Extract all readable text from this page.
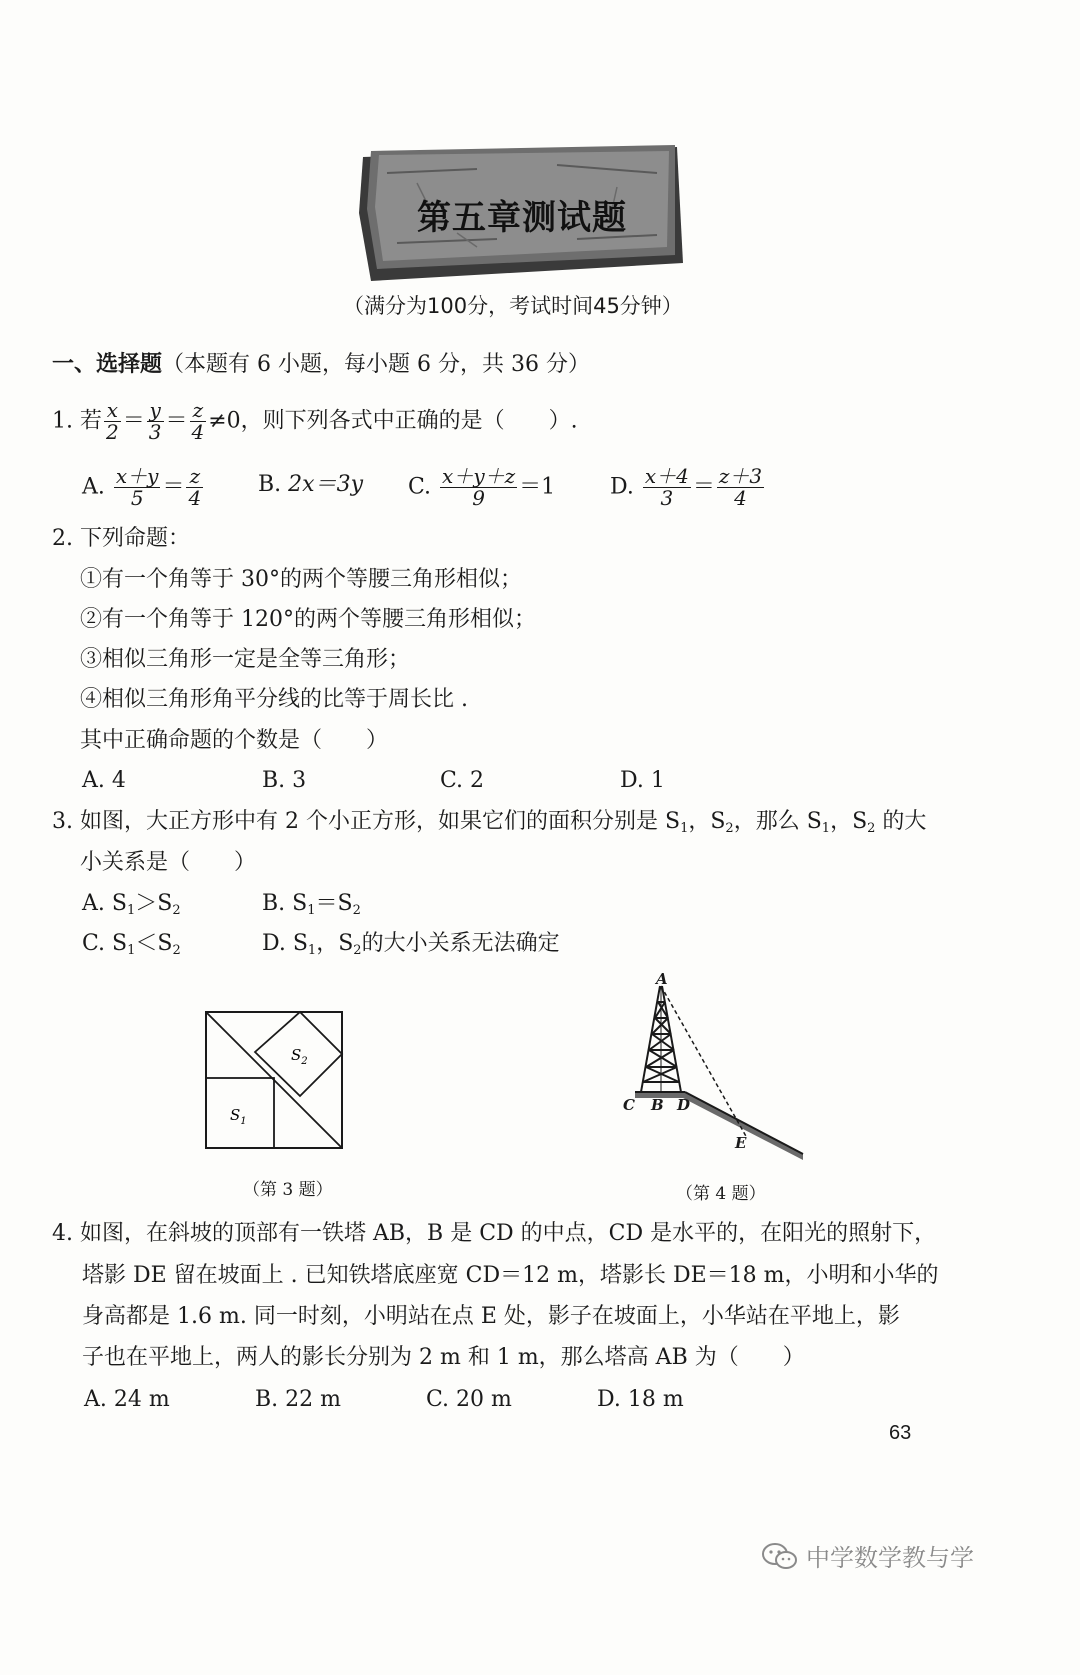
第五章测试题
（满分为100分，考试时间45分钟）
一、选择题（本题有 6 小题，每小题 6 分，共 36 分）
1. 若 $\frac{x}{2} = \frac{y}{3} = \frac{z}{4} \ne 0$，则下列各式中正确的是（　　）.
A. $\frac{x+y}{5} = \frac{z}{4} B$. 2x＝3y C. $\frac{x+y+z}{9} =1$ D. $\frac{x+4}{3} = \frac{z+3}{4}$
2. 下列命题：
①有一个角等于 30°的两个等腰三角形相似；
②有一个角等于 120°的两个等腰三角形相似；
③相似三角形一定是全等三角形；
④相似三角形角平分线的比等于周长比 .
其中正确命题的个数是（　　）
A. 4	B. 3	C. 2	D. 1
3. 如图，大正方形中有 2 个小正方形，如果它们的面积分别是 $S_1$，$S_2$，那么 $S_1$，$S_2$ 的大
小关系是（　　）
A. $S_1>S_2$	B. $S_1=S_2$
C. $S_1<S_2$	D. $S_1$，$S_2$的大小关系无法确定
$S_2$
$S_1$
（第 3 题）
A
B
C	D
E
（第 4 题）
4. 如图，在斜坡的顶部有一铁塔 AB，B 是 CD 的中点，CD 是水平的，在阳光的照射下，
塔影 DE 留在坡面上 . 已知铁塔底座宽 CD＝12 m，塔影长 DE＝18 m，小明和小华的
身高都是 1.6 m. 同一时刻，小明站在点 E 处，影子在坡面上，小华站在平地上，影
子也在平地上，两人的影长分别为 2 m 和 1 m，那么塔高 AB 为（　　）
A. 24 m	B. 22 m	C. 20 m	D. 18 m
63
中学数学教与学
